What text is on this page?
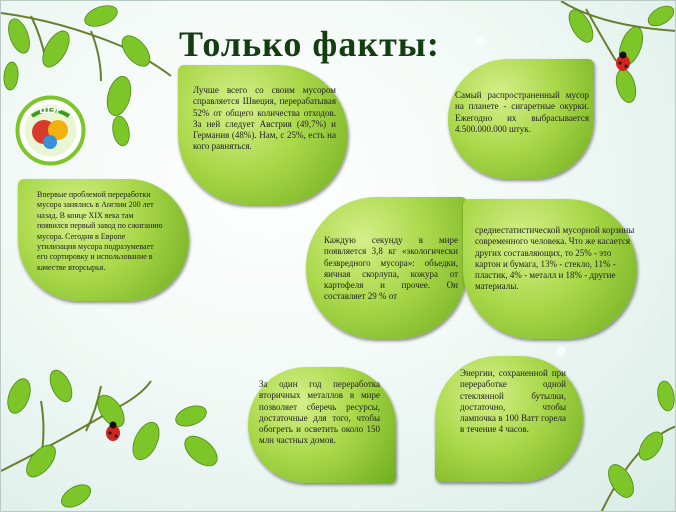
Только факты:
ШЭР
Лучше всего со своим мусором справляется Швеция, перерабатывая 52% от общего количества отходов. За ней следует Австрия (49,7%) и Германия (48%). Нам, с 25%, есть на кого равняться.
Самый распространенный мусор на планете - сигаретные окурки. Ежегодно их выбрасывается 4.500.000.000 штук.
Впервые проблемой переработки мусора занялись в Англии 200 лет назад. В конце XIX века там появился первый завод по сжиганию мусора. Сегодня в Европе утилизация мусора подразумевает его сортировку и использование в качестве вторсырья.
Каждую секунду в мире появляется 3,8 кг «экологически безвредного мусора»: объедки, яичная скорлупа, кожура от картофеля и прочее. Он составляет 29 % от
среднестатистической мусорной корзины современного человека. Что же касается других составляющих, то 25% - это картон и бумага, 13% - стекло, 11% - пластик, 4% - металл и 18% - другие материалы.
За один год переработка вторичных металлов в мире позволяет сберечь ресурсы, достаточные для того, чтобы обогреть и осветить около 150 млн частных домов.
Энергии, сохраненной при переработке одной стеклянной бутылки, достаточно, чтобы лампочка в 100 Ватт горела в течение 4 часов.
